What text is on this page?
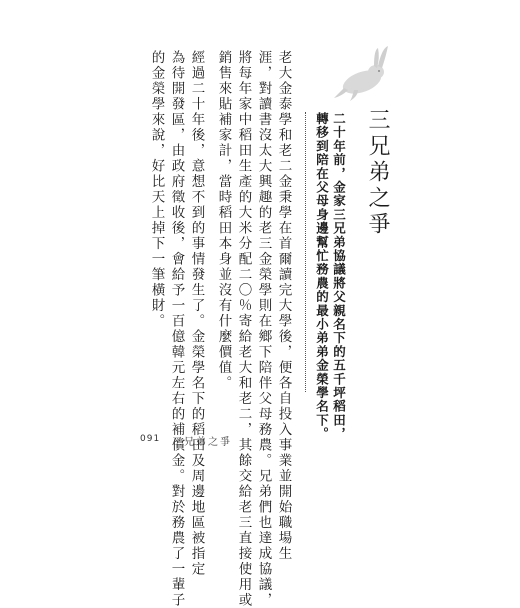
三兄弟之爭
二十年前，金家三兄弟協議將父親名下的五千坪稻田，
轉移到陪在父母身邊幫忙務農的最小弟弟金榮學名下。
老大金泰學和老二金秉學在首爾讀完大學後，便各自投入事業並開始職場生
涯，對讀書沒太大興趣的老三金榮學則在鄉下陪伴父母務農。兄弟們也達成協議，
將每年家中稻田生產的大米分配二〇％寄給老大和老二，其餘交給老三直接使用或
銷售來貼補家計，當時稻田本身並沒有什麼價值。
經過二十年後，意想不到的事情發生了。金榮學名下的稻田及周邊地區被指定
為待開發區，由政府徵收後，會給予一百億韓元左右的補償金。對於務農了一輩子
的金榮學來說，好比天上掉下一筆橫財。
091 三兄弟之爭
